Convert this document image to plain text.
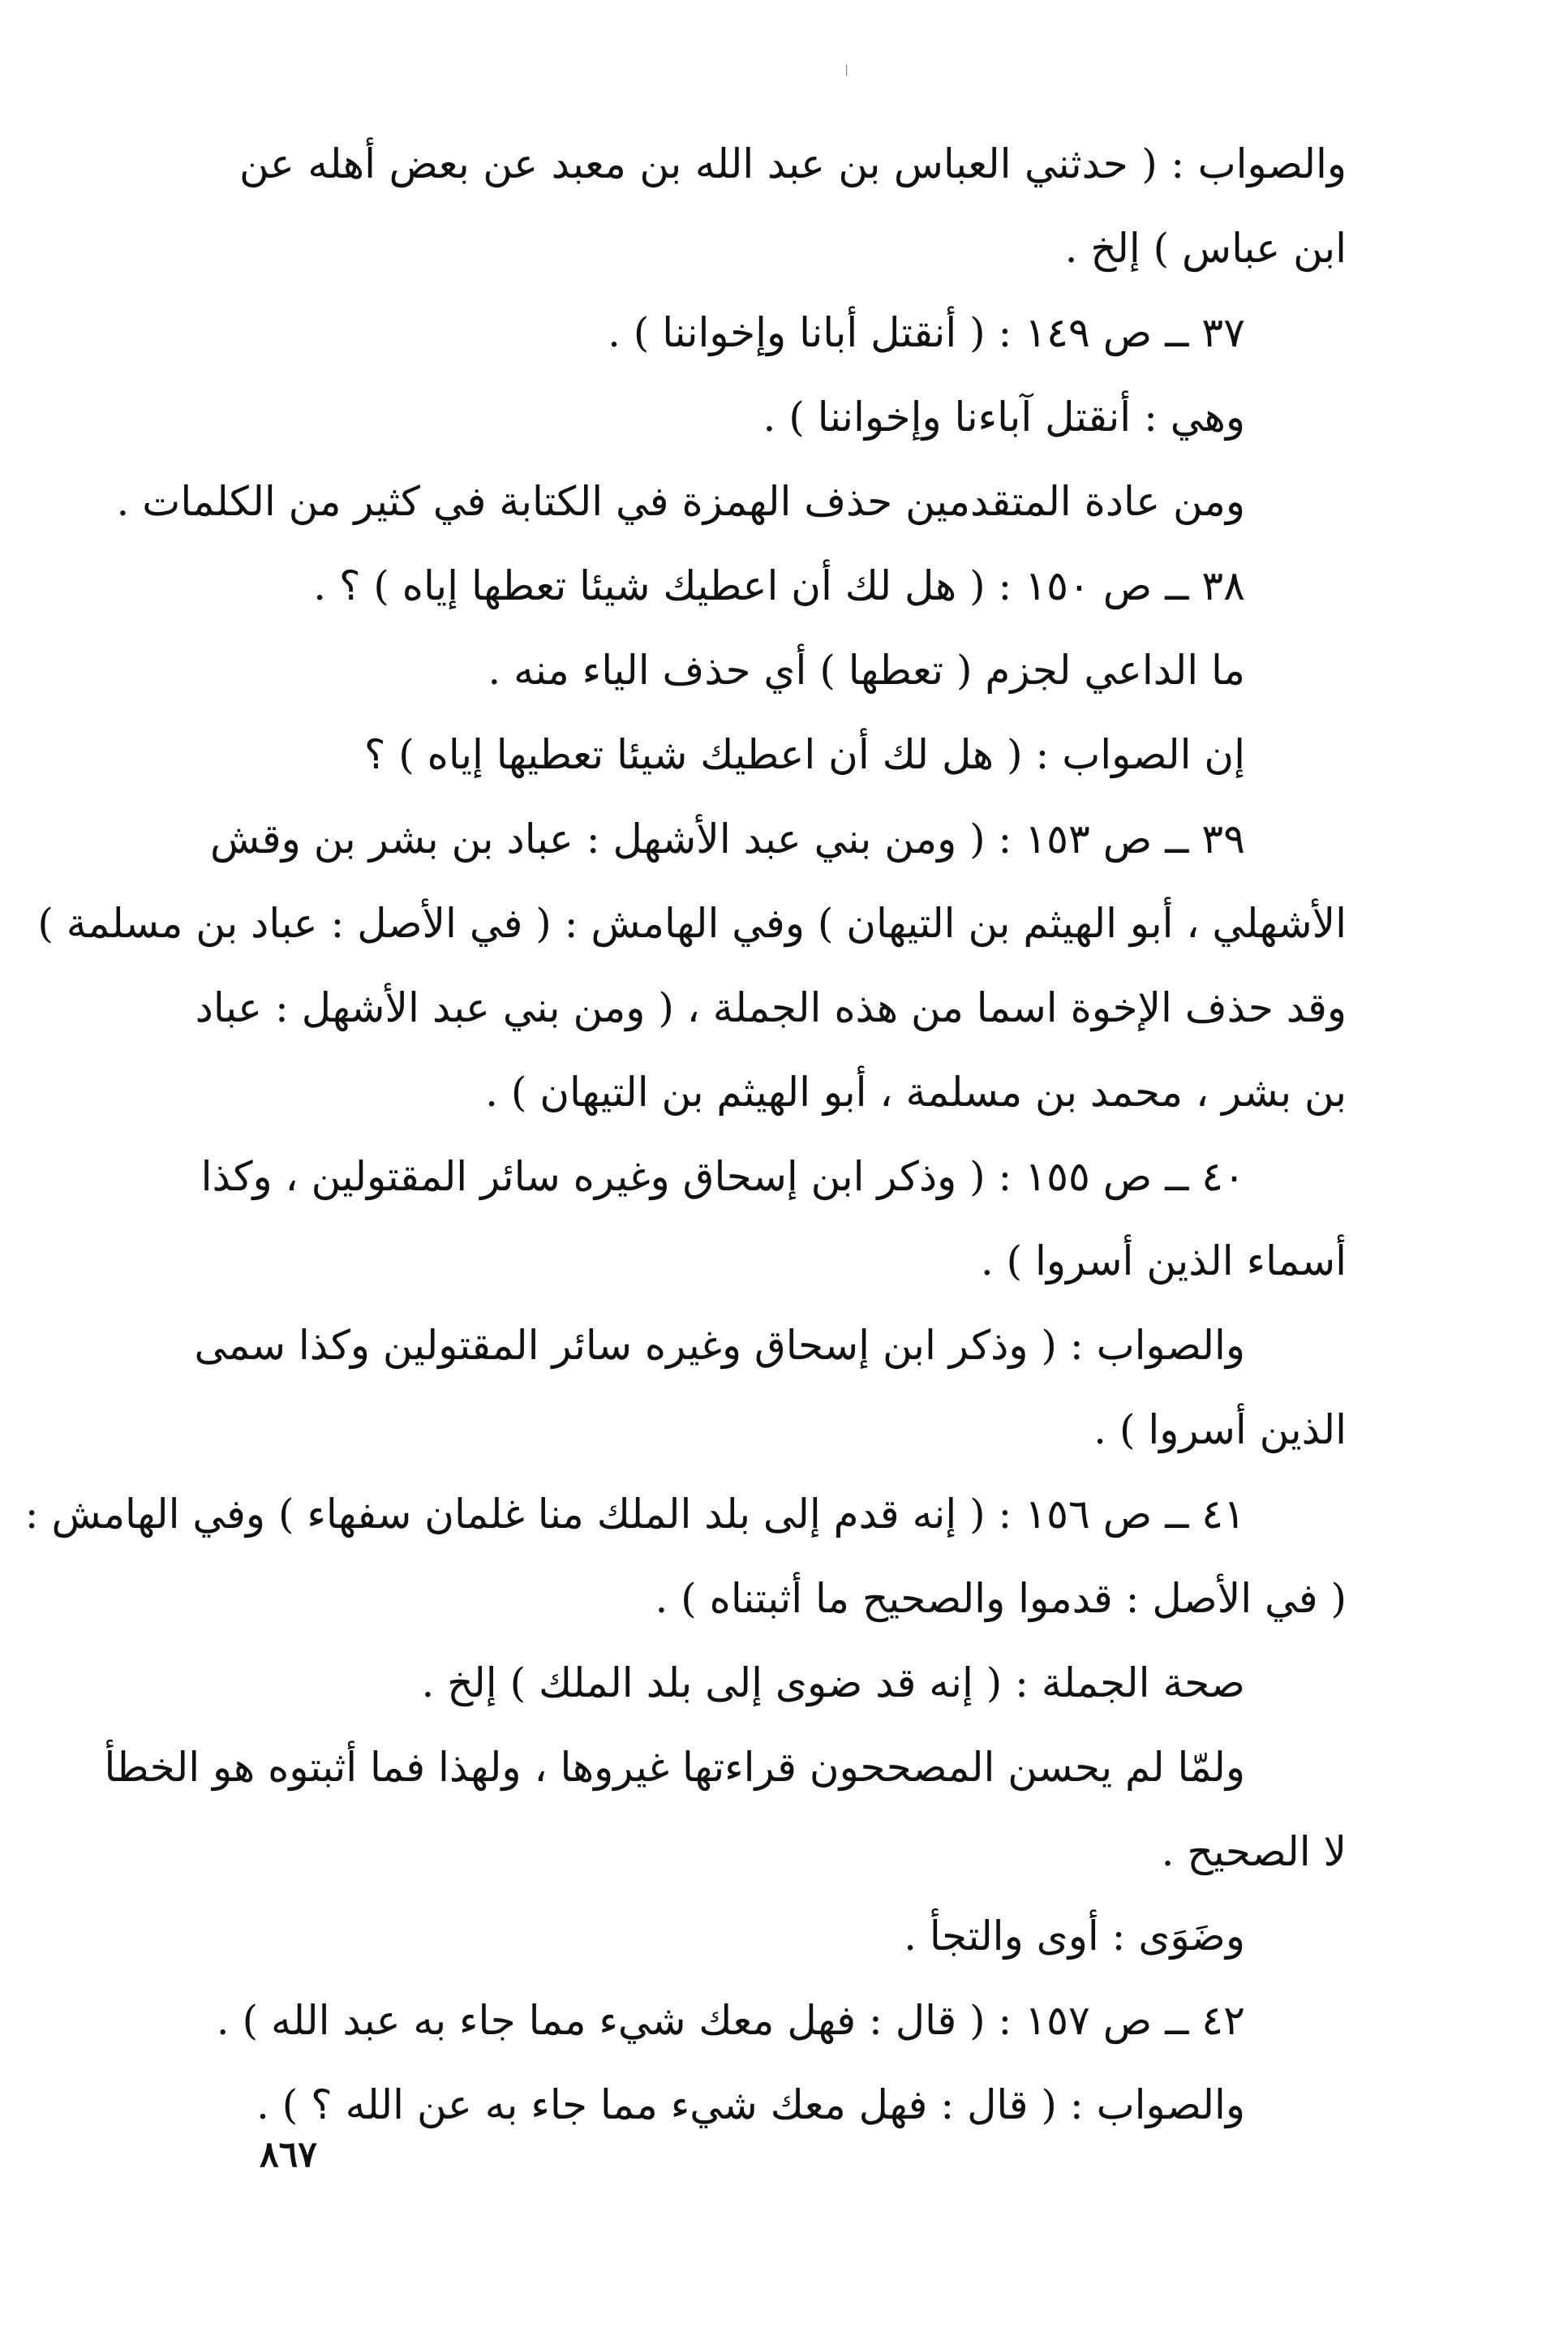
|
والصواب : ( حدثني العباس بن عبد الله بن معبد عن بعض أهله عن
ابن عباس ) إلخ .
٣٧ ــ ص ١٤٩ : ( أنقتل أبانا وإخواننا ) .
وهي : أنقتل آباءنا وإخواننا ) .
ومن عادة المتقدمين حذف الهمزة في الكتابة في كثير من الكلمات .
٣٨ ــ ص ١٥٠ : ( هل لك أن اعطيك شيئا تعطها إياه ) ؟ .
ما الداعي لجزم ( تعطها ) أي حذف الياء منه .
إن الصواب : ( هل لك أن اعطيك شيئا تعطيها إياه ) ؟
٣٩ ــ ص ١٥٣ : ( ومن بني عبد الأشهل : عباد بن بشر بن وقش
الأشهلي ، أبو الهيثم بن التيهان ) وفي الهامش : ( في الأصل : عباد بن مسلمة )
وقد حذف الإخوة اسما من هذه الجملة ، ( ومن بني عبد الأشهل : عباد
بن بشر ، محمد بن مسلمة ، أبو الهيثم بن التيهان ) .
٤٠ ــ ص ١٥٥ : ( وذكر ابن إسحاق وغيره سائر المقتولين ، وكذا
أسماء الذين أسروا ) .
والصواب : ( وذكر ابن إسحاق وغيره سائر المقتولين وكذا سمى
الذين أسروا ) .
٤١ ــ ص ١٥٦ : ( إنه قدم إلى بلد الملك منا غلمان سفهاء ) وفي الهامش :
( في الأصل : قدموا والصحيح ما أثبتناه ) .
صحة الجملة : ( إنه قد ضوى إلى بلد الملك ) إلخ .
ولمّا لم يحسن المصححون قراءتها غيروها ، ولهذا فما أثبتوه هو الخطأ
لا الصحيح .
وضَوَى : أوى والتجأ .
٤٢ ــ ص ١٥٧ : ( قال : فهل معك شيء مما جاء به عبد الله ) .
والصواب : ( قال : فهل معك شيء مما جاء به عن الله ؟ ) .
٨٦٧
